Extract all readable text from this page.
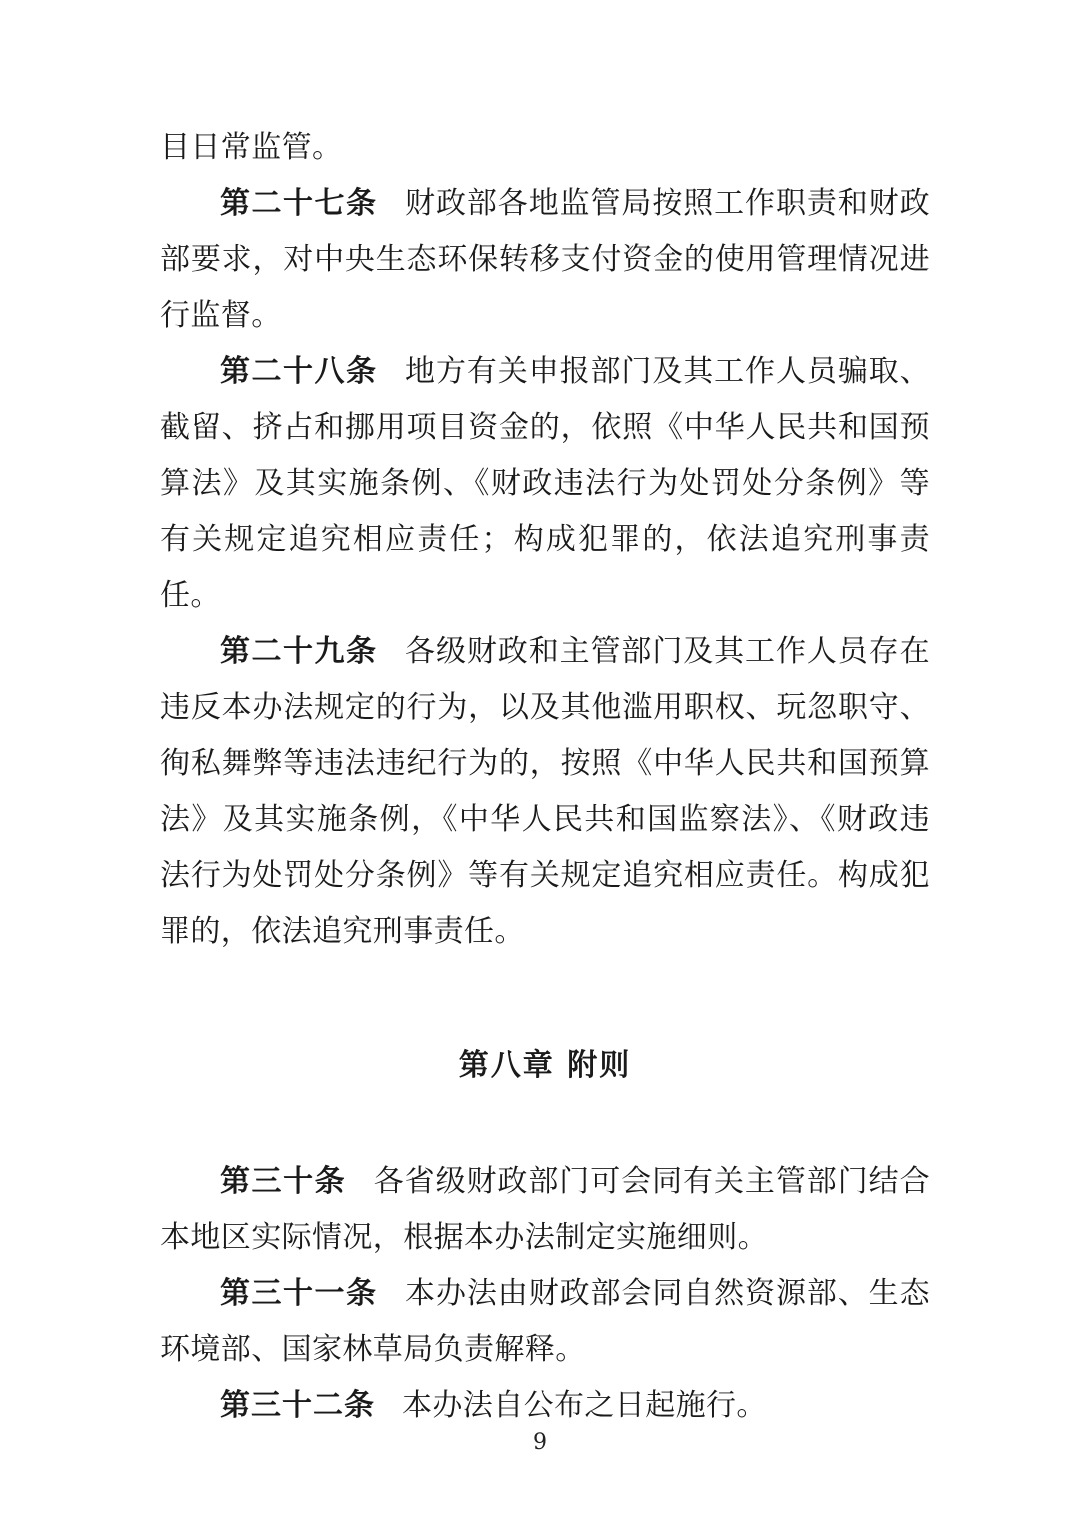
目日常监管。

第二十七条 财政部各地监管局按照工作职责和财政部要求，对中央生态环保转移支付资金的使用管理情况进行监督。

第二十八条 地方有关申报部门及其工作人员骗取、截留、挤占和挪用项目资金的，依照《中华人民共和国预算法》及其实施条例、《财政违法行为处罚处分条例》等有关规定追究相应责任；构成犯罪的，依法追究刑事责任。

第二十九条 各级财政和主管部门及其工作人员存在违反本办法规定的行为，以及其他滥用职权、玩忽职守、徇私舞弊等违法违纪行为的，按照《中华人民共和国预算法》及其实施条例，《中华人民共和国监察法》、《财政违法行为处罚处分条例》等有关规定追究相应责任。构成犯罪的，依法追究刑事责任。

第八章 附则

第三十条 各省级财政部门可会同有关主管部门结合本地区实际情况，根据本办法制定实施细则。

第三十一条 本办法由财政部会同自然资源部、生态环境部、国家林草局负责解释。

第三十二条 本办法自公布之日起施行。

9
